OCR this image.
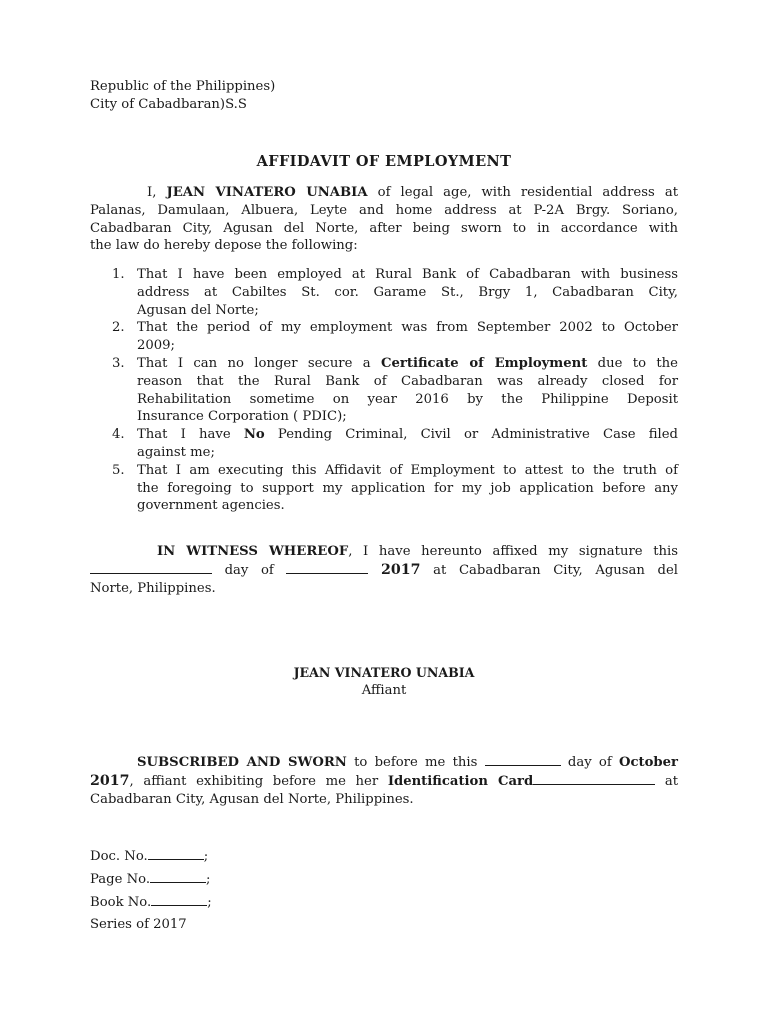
Republic of the Philippines)
City of Cabadbaran)S.S
AFFIDAVIT OF EMPLOYMENT
I, JEAN VINATERO UNABIA of legal age, with residential address at
Palanas, Damulaan, Albuera, Leyte and home address at P-2A Brgy. Soriano,
Cabadbaran City, Agusan del Norte, after being sworn to in accordance with
the law do hereby depose the following:
1. That I have been employed at Rural Bank of Cabadbaran with business
address at Cabiltes St. cor. Garame St., Brgy 1, Cabadbaran City,
Agusan del Norte;
2. That the period of my employment was from September 2002 to October
2009;
3. That I can no longer secure a Certificate of Employment due to the
reason that the Rural Bank of Cabadbaran was already closed for
Rehabilitation sometime on year 2016 by the Philippine Deposit
Insurance Corporation ( PDIC);
4. That I have No Pending Criminal, Civil or Administrative Case filed
against me;
5. That I am executing this Affidavit of Employment to attest to the truth of
the foregoing to support my application for my job application before any
government agencies.
IN WITNESS WHEREOF, I have hereunto affixed my signature this
day of	2017 at Cabadbaran City, Agusan del
Norte, Philippines.
JEAN VINATERO UNABIA
Affiant
SUBSCRIBED AND SWORN to before me this	day of October
2017, affiant exhibiting before me her Identification Card	at
Cabadbaran City, Agusan del Norte, Philippines.
Doc. No.	;
Page No.	;
Book No.	;
Series of 2017
